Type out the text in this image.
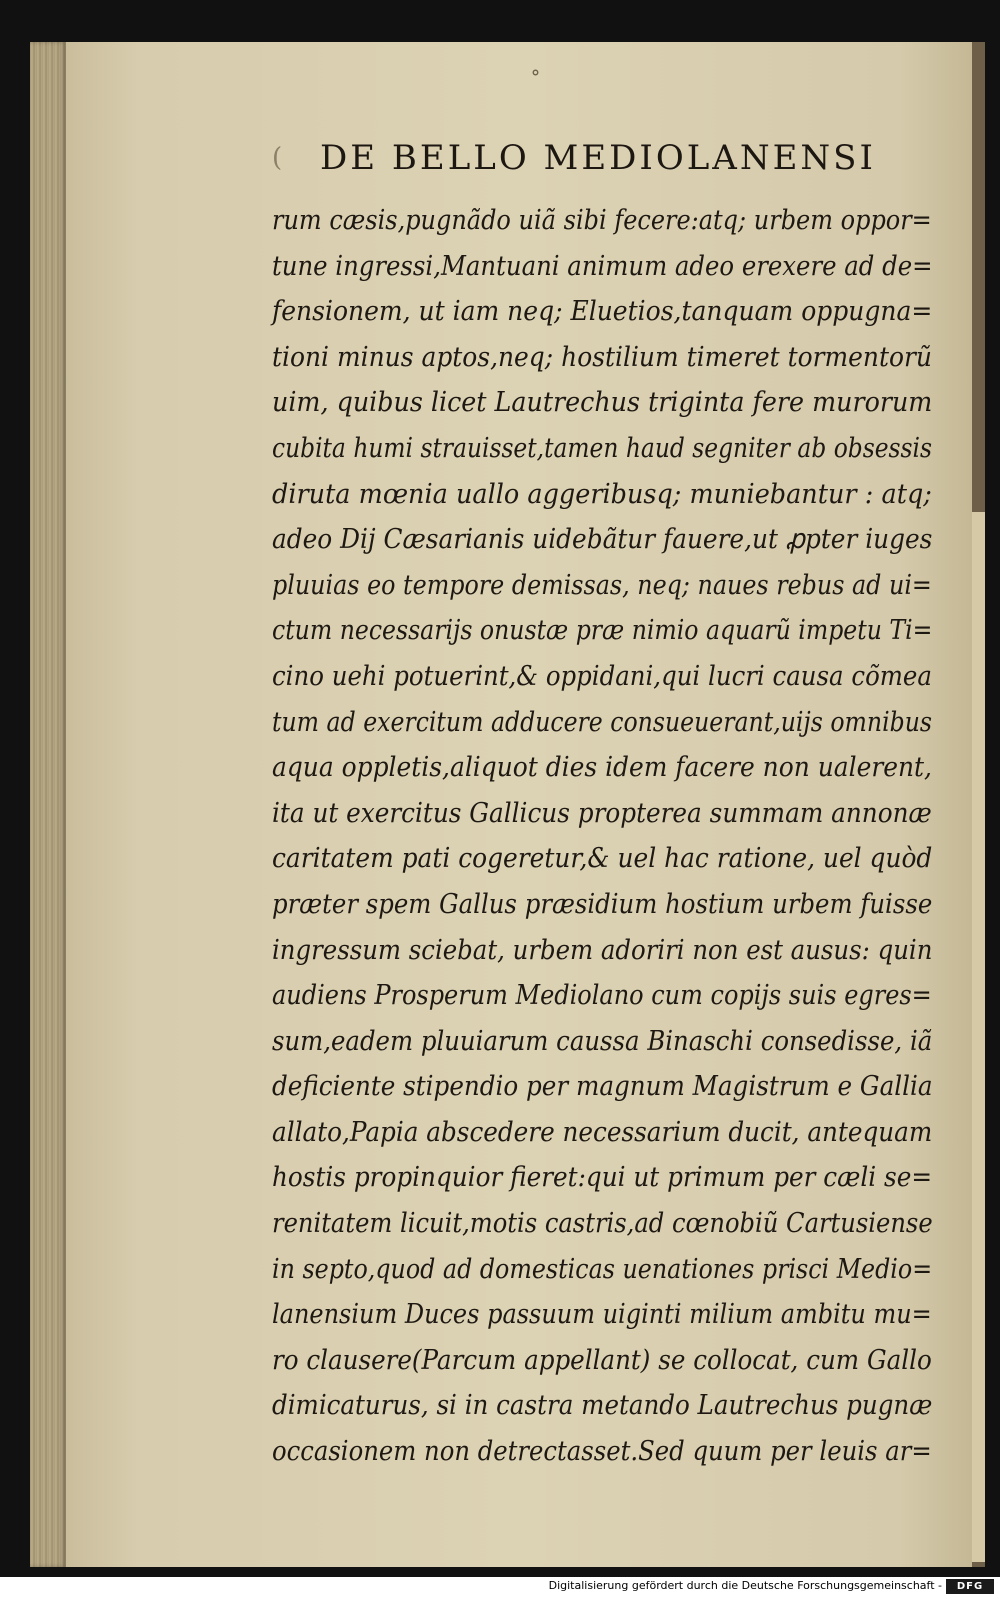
˚
( DE BELLO MEDIOLANENSI
rum cæsis,pugnãdo uiã sibi fecere:atq; urbem oppor=
tune ingressi,Mantuani animum adeo erexere ad de=
fensionem, ut iam neq; Eluetios,tanquam oppugna=
tioni minus aptos,neq; hostilium timeret tormentorũ
uim, quibus licet Lautrechus triginta fere murorum
cubita humi strauisset,tamen haud segniter ab obsessis
diruta mœnia uallo aggeribusq; muniebantur : atq;
adeo Dij Cæsarianis uidebãtur fauere,ut ꝓpter iuges
pluuias eo tempore demissas, neq; naues rebus ad ui=
ctum necessarijs onustæ præ nimio aquarũ impetu Ti=
cino uehi potuerint,& oppidani,qui lucri causa cõmea
tum ad exercitum adducere consueuerant,uijs omnibus
aqua oppletis,aliquot dies idem facere non ualerent,
ita ut exercitus Gallicus propterea summam annonæ
caritatem pati cogeretur,& uel hac ratione, uel quòd
præter spem Gallus præsidium hostium urbem fuisse
ingressum sciebat, urbem adoriri non est ausus: quin
audiens Prosperum Mediolano cum copijs suis egres=
sum,eadem pluuiarum caussa Binaschi consedisse, iã
deficiente stipendio per magnum Magistrum e Gallia
allato,Papia abscedere necessarium ducit, antequam
hostis propinquior fieret:qui ut primum per cæli se=
renitatem licuit,motis castris,ad cœnobiũ Cartusiense
in septo,quod ad domesticas uenationes prisci Medio=
lanensium Duces passuum uiginti milium ambitu mu=
ro clausere(Parcum appellant) se collocat, cum Gallo
dimicaturus, si in castra metando Lautrechus pugnæ
occasionem non detrectasset.Sed quum per leuis ar=
Digitalisierung gefördert durch die Deutsche Forschungsgemeinschaft -	DFG
